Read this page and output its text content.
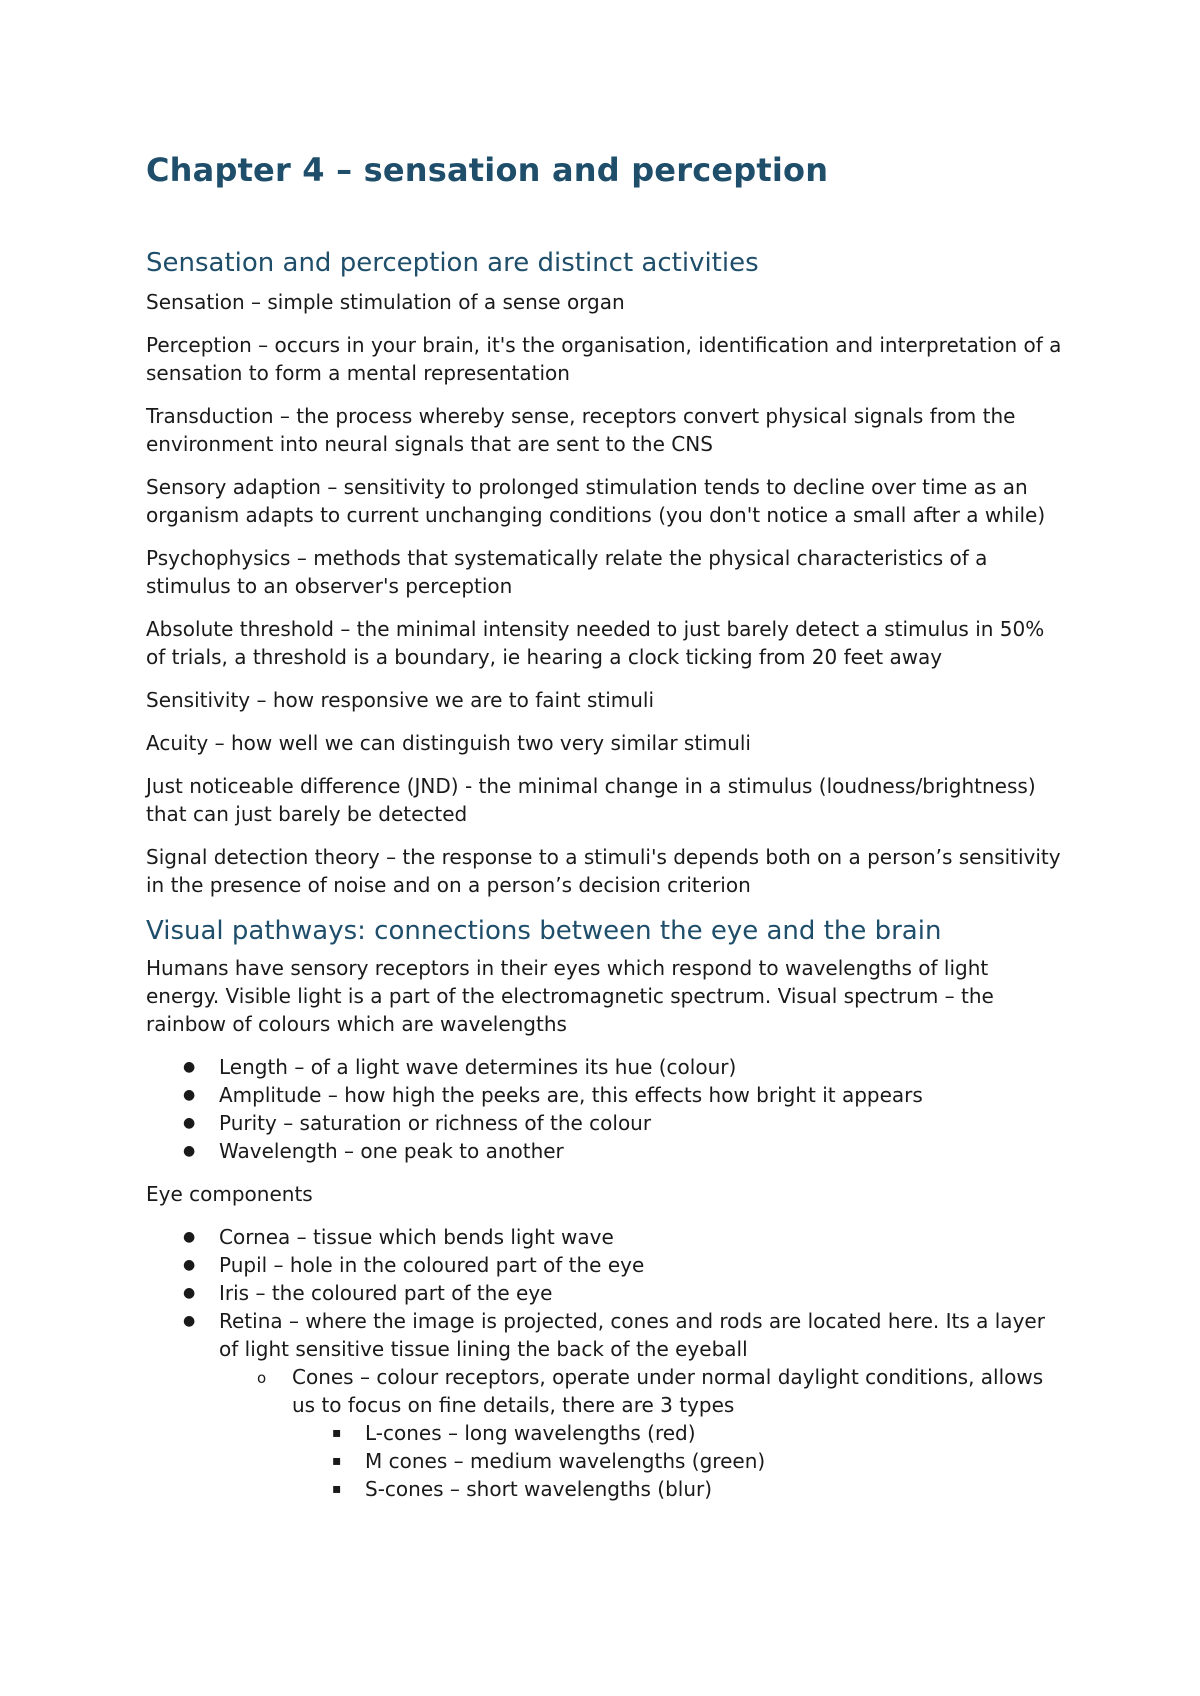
Chapter 4 – sensation and perception
Sensation and perception are distinct activities

Sensation – simple stimulation of a sense organ

Perception – occurs in your brain, it's the organisation, identification and interpretation of a sensation to form a mental representation

Transduction – the process whereby sense, receptors convert physical signals from the environment into neural signals that are sent to the CNS

Sensory adaption – sensitivity to prolonged stimulation tends to decline over time as an organism adapts to current unchanging conditions (you don't notice a small after a while)

Psychophysics – methods that systematically relate the physical characteristics of a stimulus to an observer's perception

Absolute threshold – the minimal intensity needed to just barely detect a stimulus in 50% of trials, a threshold is a boundary, ie hearing a clock ticking from 20 feet away

Sensitivity – how responsive we are to faint stimuli

Acuity – how well we can distinguish two very similar stimuli

Just noticeable difference (JND) - the minimal change in a stimulus (loudness/brightness) that can just barely be detected

Signal detection theory – the response to a stimuli's depends both on a person’s sensitivity in the presence of noise and on a person’s decision criterion

Visual pathways: connections between the eye and the brain

Humans have sensory receptors in their eyes which respond to wavelengths of light energy. Visible light is a part of the electromagnetic spectrum. Visual spectrum – the rainbow of colours which are wavelengths

● Length – of a light wave determines its hue (colour)
● Amplitude – how high the peeks are, this effects how bright it appears
● Purity – saturation or richness of the colour
● Wavelength – one peak to another

Eye components

● Cornea – tissue which bends light wave
● Pupil – hole in the coloured part of the eye
● Iris – the coloured part of the eye
● Retina – where the image is projected, cones and rods are located here. Its a layer of light sensitive tissue lining the back of the eyeball
o Cones – colour receptors, operate under normal daylight conditions, allows us to focus on fine details, there are 3 types
▪ L-cones – long wavelengths (red)
▪ M cones – medium wavelengths (green)
▪ S-cones – short wavelengths (blur)
